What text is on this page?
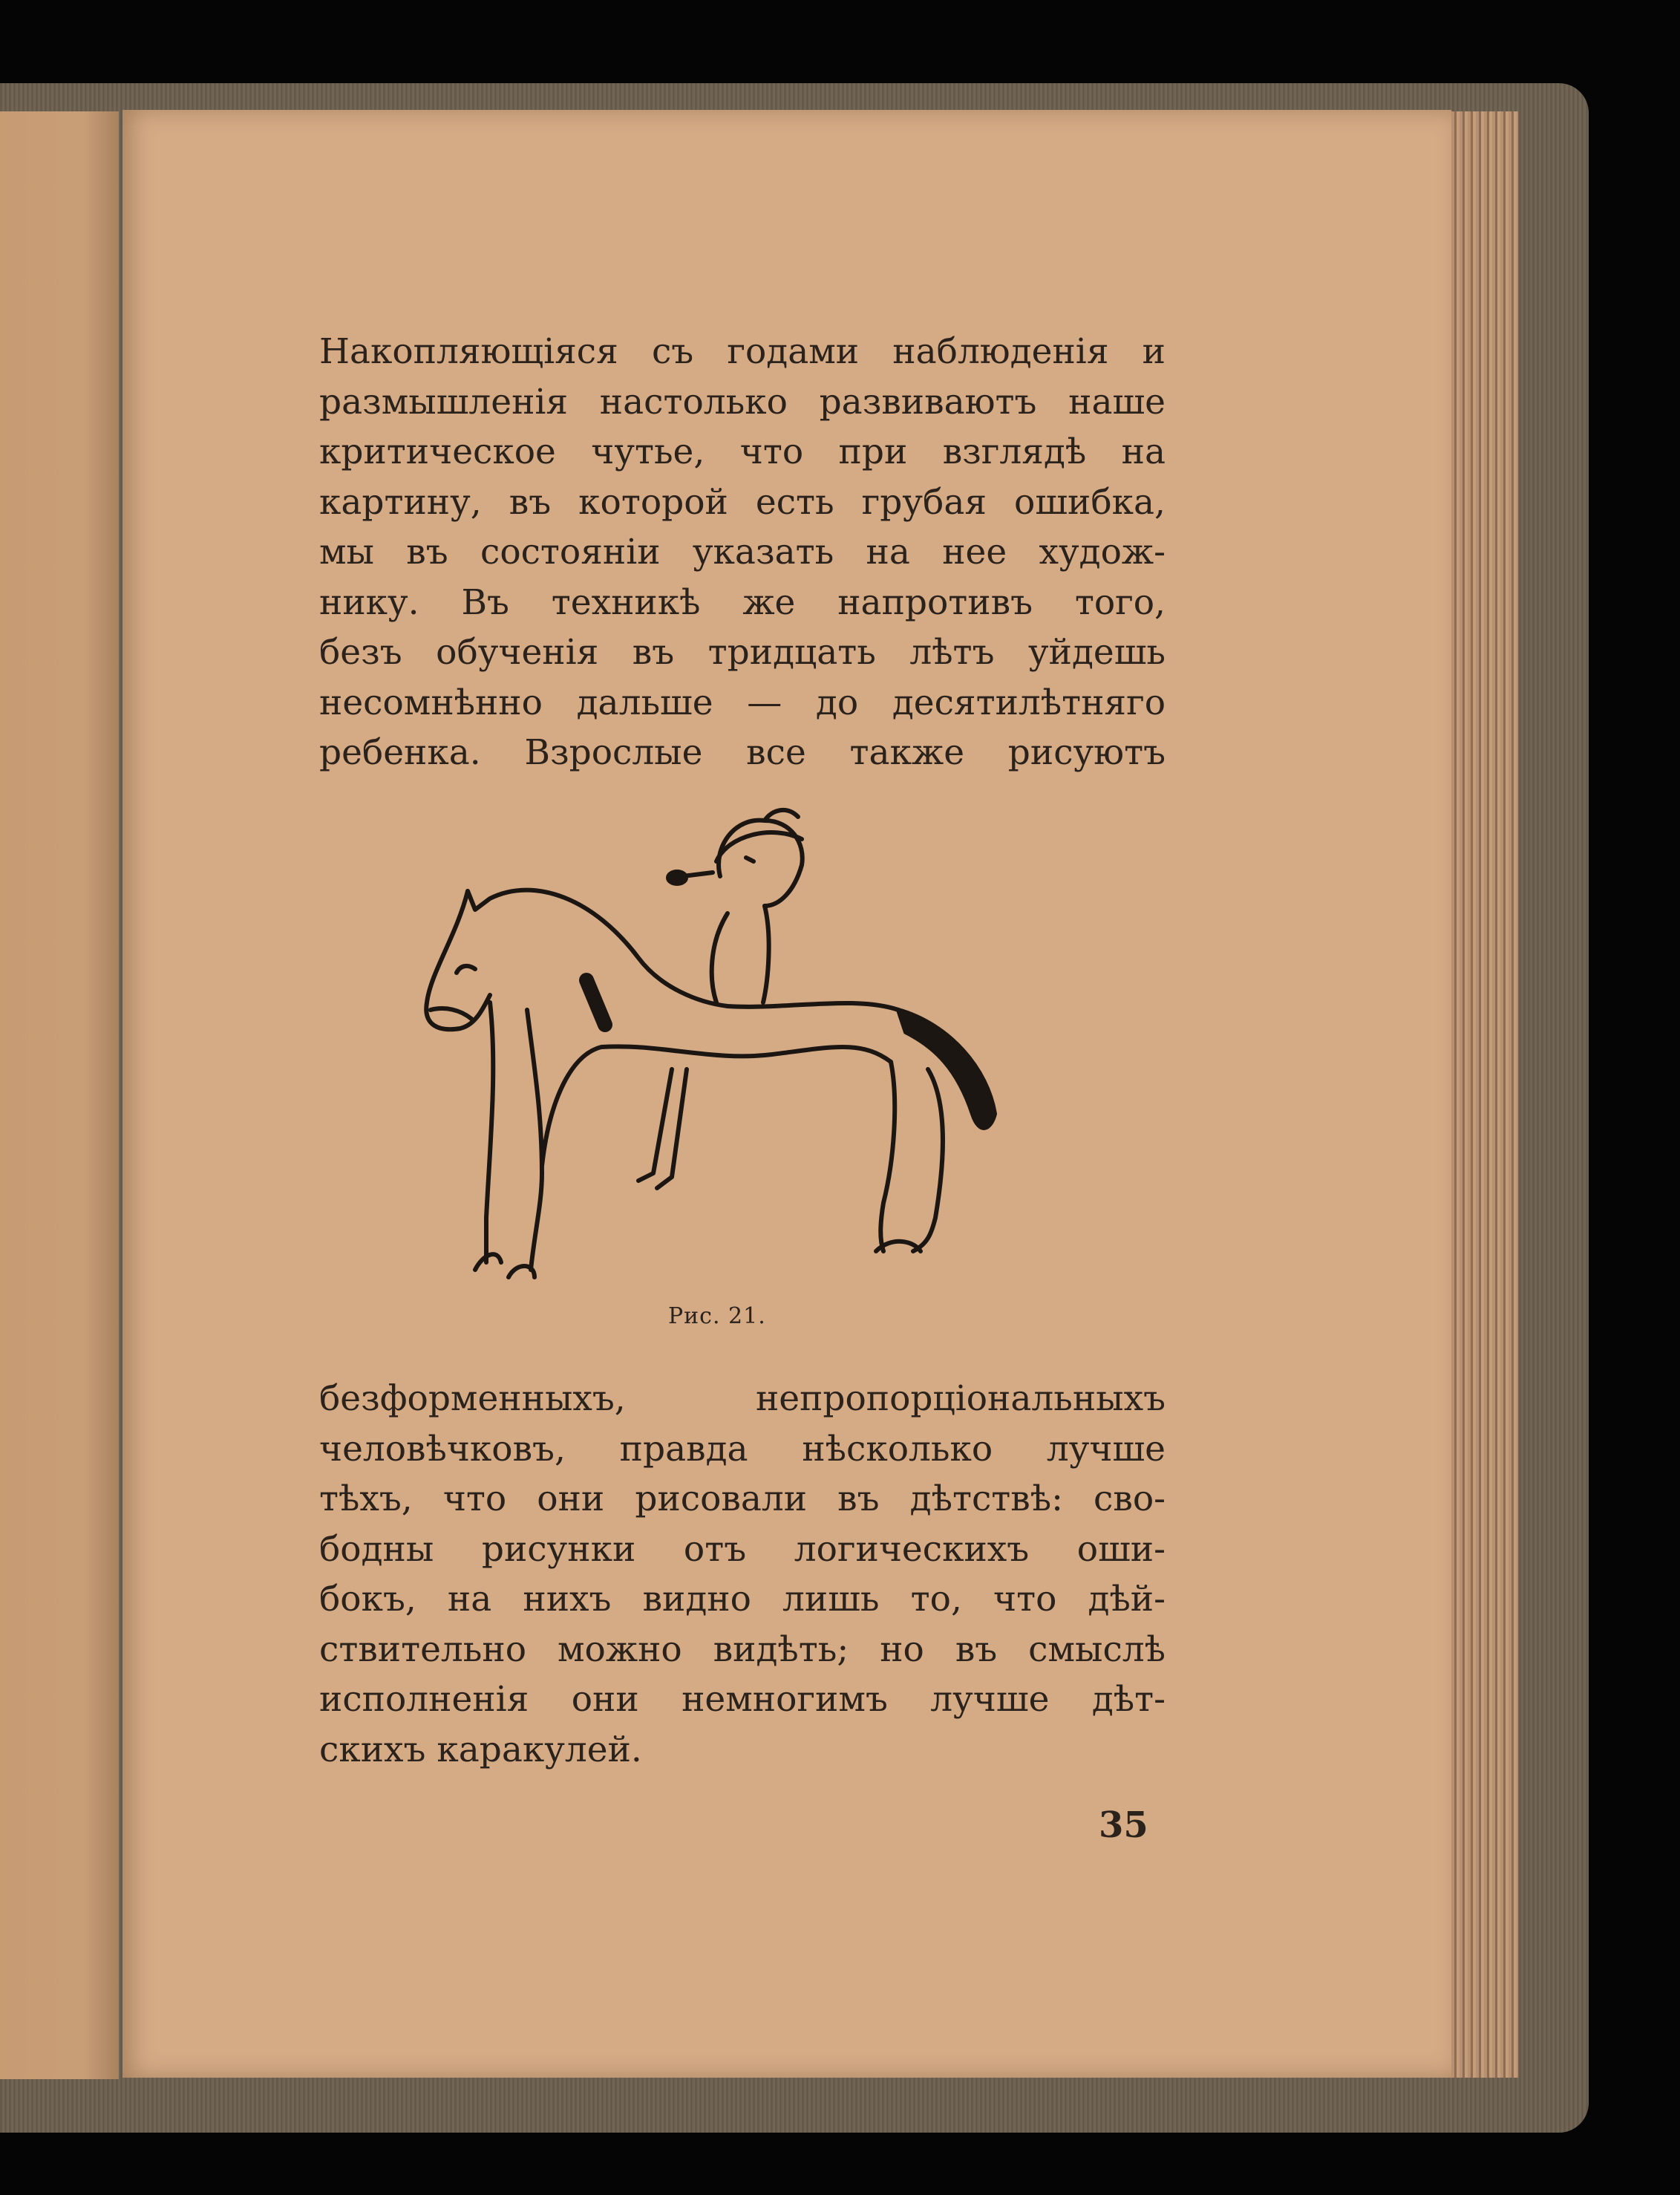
Накопляющіяся съ годами наблюденія и
размышленія настолько развиваютъ наше
критическое чутье, что при взглядѣ на
картину, въ которой есть грубая ошибка,
мы въ состояніи указать на нее худож-
нику. Въ техникѣ же напротивъ того,
безъ обученія въ тридцать лѣтъ уйдешь
несомнѣнно дальше — до десятилѣтняго
ребенка. Взрослые все также рисуютъ
Рис. 21.
безформенныхъ, непропорціональныхъ
человѣчковъ, правда нѣсколько лучше
тѣхъ, что они рисовали въ дѣтствѣ: сво-
бодны рисунки отъ логическихъ оши-
бокъ, на нихъ видно лишь то, что дѣй-
ствительно можно видѣть; но въ смыслѣ
исполненія они немногимъ лучше дѣт-
скихъ каракулей.
35
